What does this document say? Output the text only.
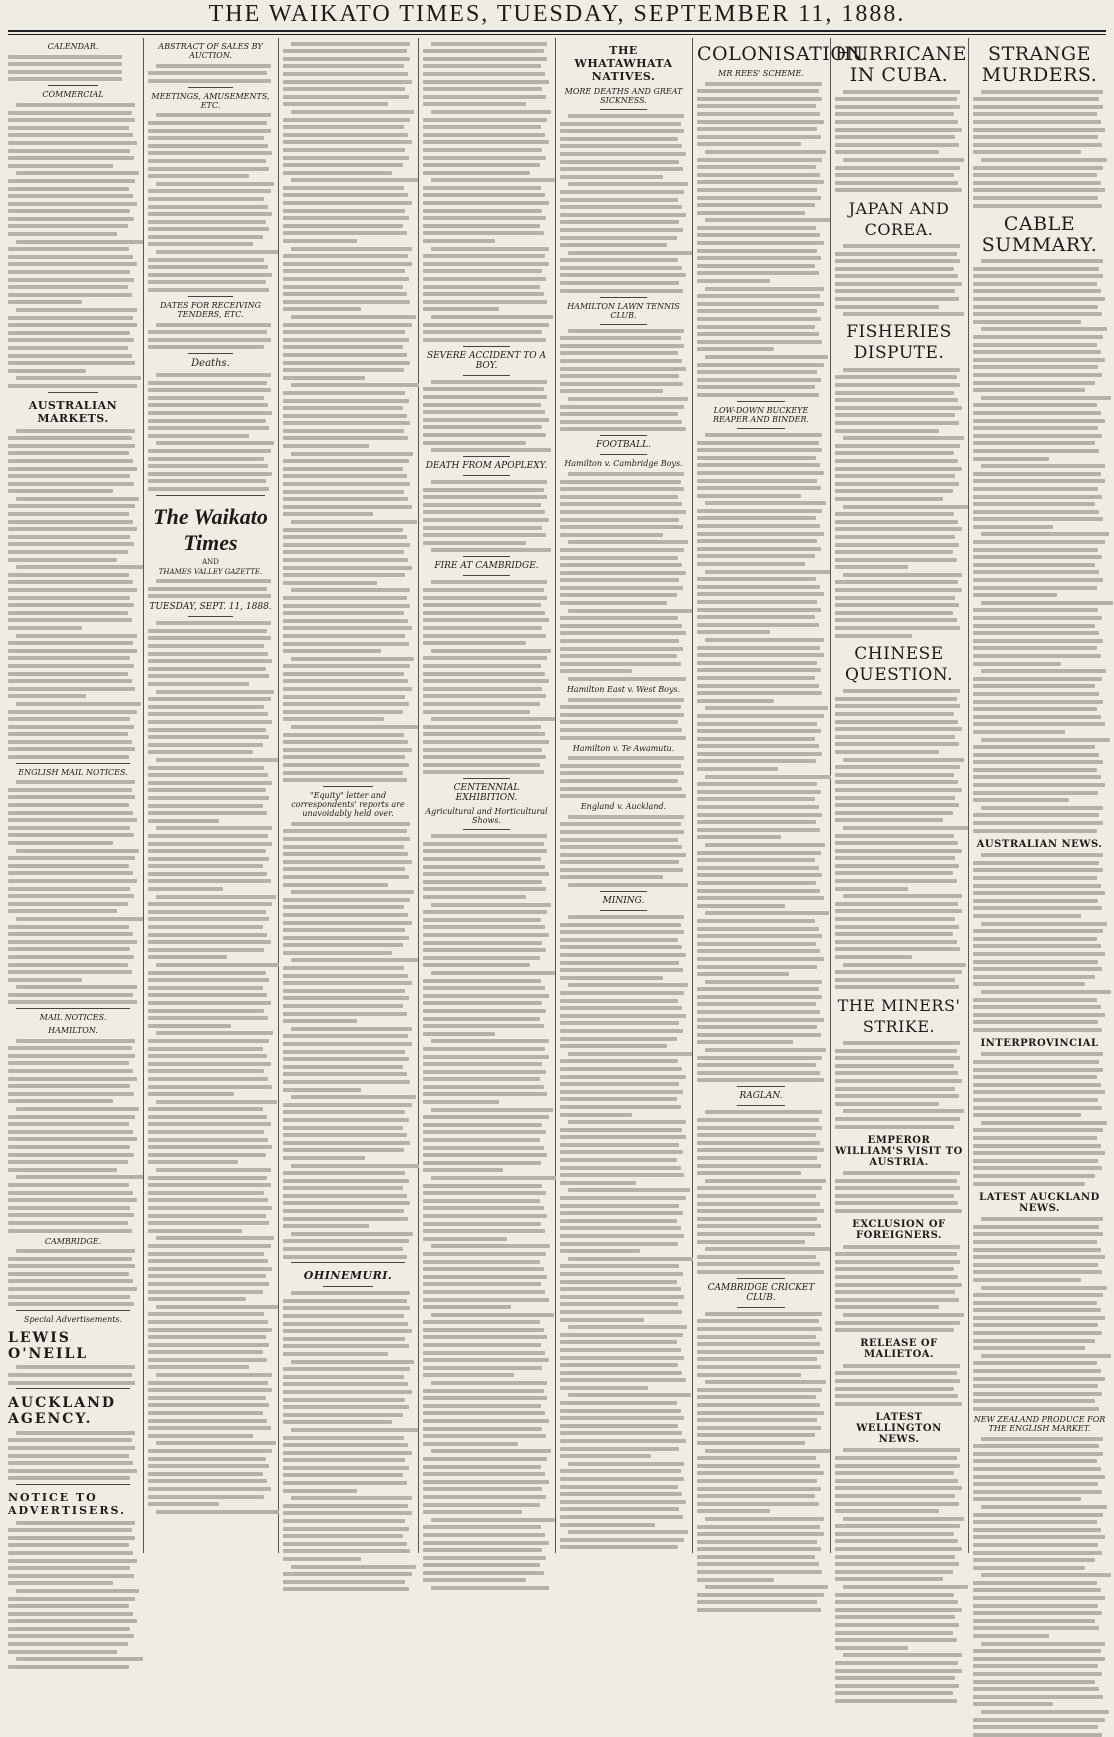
THE WAIKATO TIMES, TUESDAY, SEPTEMBER 11, 1888.
CALENDAR.
COMMERCIAL
AUSTRALIAN MARKETS.
ENGLISH MAIL NOTICES.
MAIL NOTICES.
HAMILTON.
CAMBRIDGE.
Special Advertisements.
LEWIS O'NEILL
AUCKLAND AGENCY.
NOTICE TO ADVERTISERS.
ABSTRACT OF SALES BY AUCTION.
MEETINGS, AMUSEMENTS, ETC.
DATES FOR RECEIVING TENDERS, ETC.
Deaths.
The Waikato Times
AND
THAMES VALLEY GAZETTE.
TUESDAY, SEPT. 11, 1888.
"Equity" letter and correspondents' reports are unavoidably held over.
OHINEMURI.
SEVERE ACCIDENT TO A BOY.
DEATH FROM APOPLEXY.
FIRE AT CAMBRIDGE.
CENTENNIAL EXHIBITION.
Agricultural and Horticultural Shows.
THE WHATAWHATA NATIVES.
MORE DEATHS AND GREAT SICKNESS.
HAMILTON LAWN TENNIS CLUB.
FOOTBALL.
Hamilton v. Cambridge Boys.
Hamilton East v. West Boys.
Hamilton v. Te Awamutu.
England v. Auckland.
MINING.
COLONISATION.
MR REES' SCHEME.
LOW-DOWN BUCKEYE REAPER AND BINDER.
RAGLAN.
CAMBRIDGE CRICKET CLUB.
HURRICANE IN CUBA.
JAPAN AND COREA.
FISHERIES DISPUTE.
CHINESE QUESTION.
THE MINERS' STRIKE.
EMPEROR WILLIAM'S VISIT TO AUSTRIA.
EXCLUSION OF FOREIGNERS.
RELEASE OF MALIETOA.
LATEST WELLINGTON NEWS.
STRANGE MURDERS.
CABLE SUMMARY.
AUSTRALIAN NEWS.
INTERPROVINCIAL
LATEST AUCKLAND NEWS.
NEW ZEALAND PRODUCE FOR THE ENGLISH MARKET.
